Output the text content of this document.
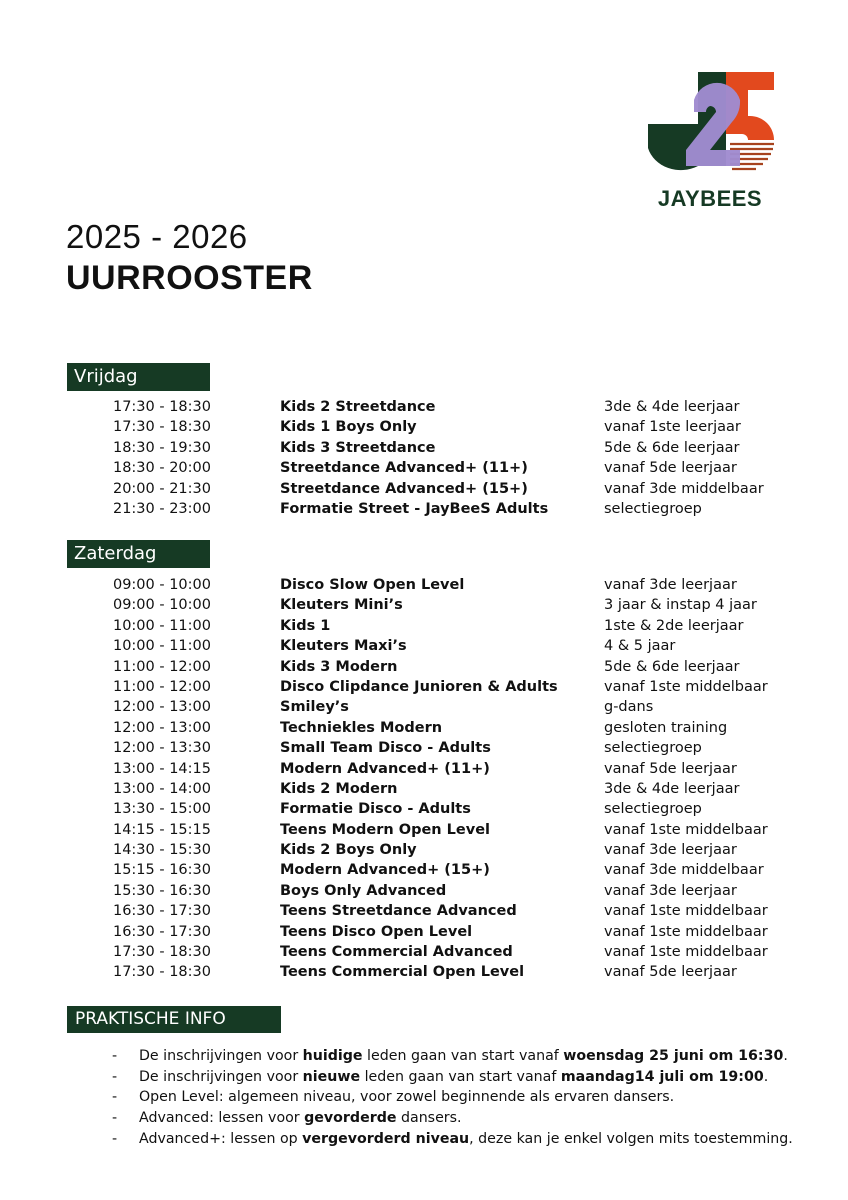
JAYBEES
2025 - 2026
UURROOSTER
Vrijdag
17:30 - 18:30	Kids 2 Streetdance	3de & 4de leerjaar
17:30 - 18:30	Kids 1 Boys Only	vanaf 1ste leerjaar
18:30 - 19:30	Kids 3 Streetdance	5de & 6de leerjaar
18:30 - 20:00	Streetdance Advanced+ (11+)	vanaf 5de leerjaar
20:00 - 21:30	Streetdance Advanced+ (15+)	vanaf 3de middelbaar
21:30 - 23:00	Formatie Street - JayBeeS Adults	selectiegroep
Zaterdag
09:00 - 10:00	Disco Slow Open Level	vanaf 3de leerjaar
09:00 - 10:00	Kleuters Mini’s	3 jaar & instap 4 jaar
10:00 - 11:00	Kids 1	1ste & 2de leerjaar
10:00 - 11:00	Kleuters Maxi’s	4 & 5 jaar
11:00 - 12:00	Kids 3 Modern	5de & 6de leerjaar
11:00 - 12:00	Disco Clipdance Junioren & Adults	vanaf 1ste middelbaar
12:00 - 13:00	Smiley’s	g-dans
12:00 - 13:00	Techniekles Modern	gesloten training
12:00 - 13:30	Small Team Disco - Adults	selectiegroep
13:00 - 14:15	Modern Advanced+ (11+)	vanaf 5de leerjaar
13:00 - 14:00	Kids 2 Modern	3de & 4de leerjaar
13:30 - 15:00	Formatie Disco - Adults	selectiegroep
14:15 - 15:15	Teens Modern Open Level	vanaf 1ste middelbaar
14:30 - 15:30	Kids 2 Boys Only	vanaf 3de leerjaar
15:15 - 16:30	Modern Advanced+ (15+)	vanaf 3de middelbaar
15:30 - 16:30	Boys Only Advanced	vanaf 3de leerjaar
16:30 - 17:30	Teens Streetdance Advanced	vanaf 1ste middelbaar
16:30 - 17:30	Teens Disco Open Level	vanaf 1ste middelbaar
17:30 - 18:30	Teens Commercial Advanced	vanaf 1ste middelbaar
17:30 - 18:30	Teens Commercial Open Level	vanaf 5de leerjaar
PRAKTISCHE INFO
- De inschrijvingen voor huidige leden gaan van start vanaf woensdag 25 juni om 16:30.
- De inschrijvingen voor nieuwe leden gaan van start vanaf maandag14 juli om 19:00.
- Open Level: algemeen niveau, voor zowel beginnende als ervaren dansers.
- Advanced: lessen voor gevorderde dansers.
- Advanced+: lessen op vergevorderd niveau, deze kan je enkel volgen mits toestemming.
